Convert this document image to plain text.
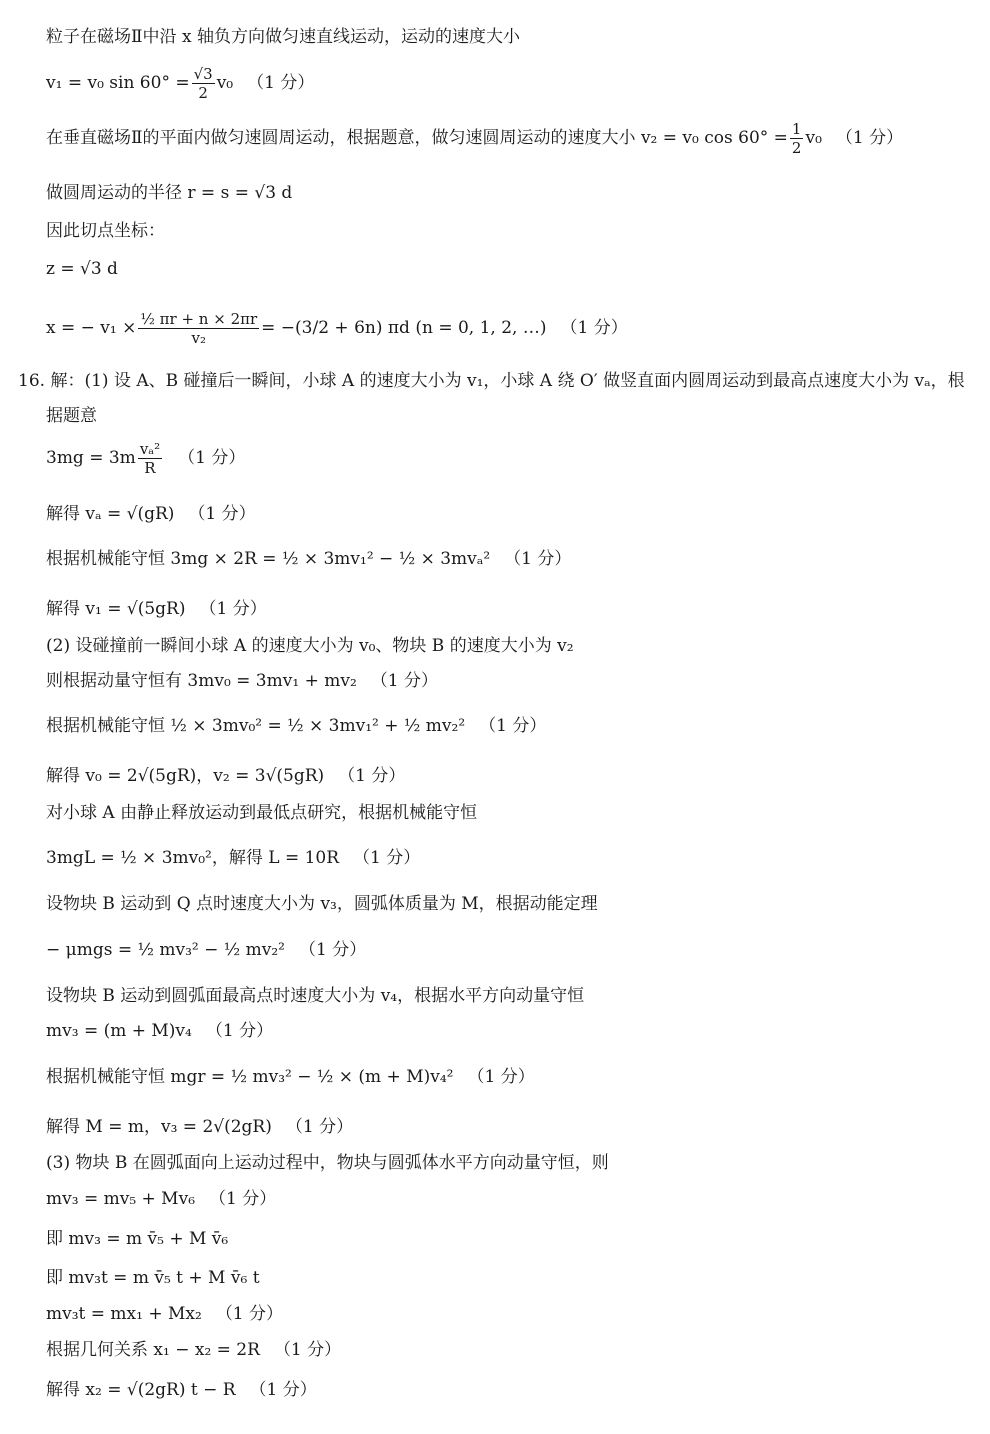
粒子在磁场Ⅱ中沿 x 轴负方向做匀速直线运动，运动的速度大小
v₁ = v₀ $\sin 60^\circ = \frac{√3}{2} v_0$ （1 分）
在垂直磁场Ⅱ的平面内做匀速圆周运动，根据题意，做匀速圆周运动的速度大小 v₂ = v₀ $\cos 60^\circ = \frac{1}{2} v_0$ （1 分）
做圆周运动的半径 r = s = √3 d
因此切点坐标：
z = √3 d
x = − $v_1 \times \frac{\text{½ πr + n × 2πr}}{\text{v₂}} = -(3/2 + 6n)$ πd (n = 0, 1, 2, …) （1 分）
16. 解：(1) 设 A、B 碰撞后一瞬间，小球 A 的速度大小为 v₁，小球 A 绕 O′ 做竖直面内圆周运动到最高点速度大小为 vₐ，根
据题意
$3mg = 3m \frac{\text{vₐ²}}{R} (1$ 分）
解得 vₐ = √(gR) （1 分）
根据机械能守恒 3mg × 2R = ½ × 3mv₁² − ½ × 3mvₐ² （1 分）
解得 v₁ = √(5gR) （1 分）
(2) 设碰撞前一瞬间小球 A 的速度大小为 v₀、物块 B 的速度大小为 v₂
则根据动量守恒有 3mv₀ = 3mv₁ + mv₂ （1 分）
根据机械能守恒 ½ × 3mv₀² = ½ × 3mv₁² + ½ mv₂² （1 分）
解得 v₀ = 2√(5gR)，v₂ = 3√(5gR) （1 分）
对小球 A 由静止释放运动到最低点研究，根据机械能守恒
3mgL = ½ × 3mv₀²，解得 L = 10R （1 分）
设物块 B 运动到 Q 点时速度大小为 v₃，圆弧体质量为 M，根据动能定理
− μmgs = ½ mv₃² − ½ mv₂² （1 分）
设物块 B 运动到圆弧面最高点时速度大小为 v₄，根据水平方向动量守恒
mv₃ = (m + M)v₄ （1 分）
根据机械能守恒 mgr = ½ mv₃² − ½ × (m + M)v₄² （1 分）
解得 M = m，v₃ = 2√(2gR) （1 分）
(3) 物块 B 在圆弧面向上运动过程中，物块与圆弧体水平方向动量守恒，则
mv₃ = mv₅ + Mv₆ （1 分）
即 mv₃ = m v̄₅ + M v̄₆
即 mv₃t = m v̄₅ t + M v̄₆ t
mv₃t = mx₁ + Mx₂ （1 分）
根据几何关系 x₁ − x₂ = 2R （1 分）
解得 x₂ = √(2gR) t − R （1 分）
